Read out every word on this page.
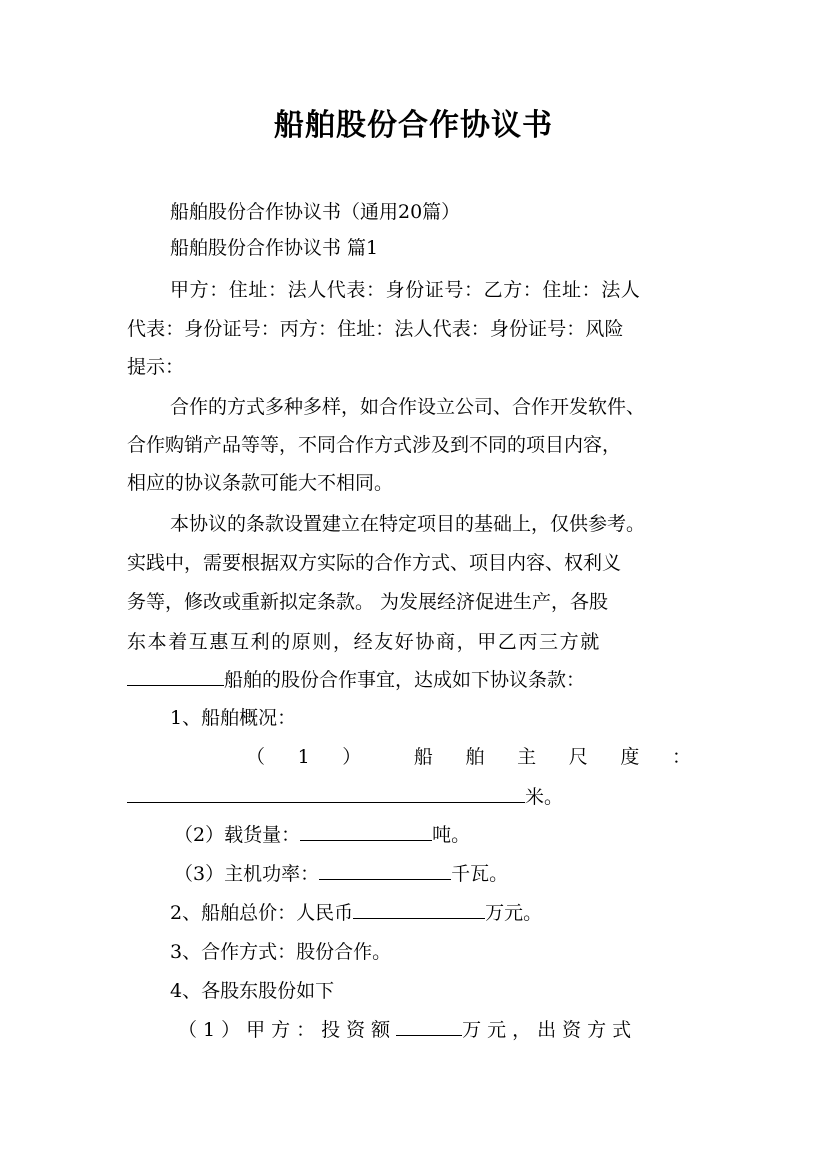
船舶股份合作协议书
船舶股份合作协议书（通用20篇）
船舶股份合作协议书 篇1
甲方：住址：法人代表：身份证号：乙方：住址：法人
代表：身份证号：丙方：住址：法人代表：身份证号：风险
提示：
合作的方式多种多样，如合作设立公司、合作开发软件、
合作购销产品等等，不同合作方式涉及到不同的项目内容，
相应的协议条款可能大不相同。
本协议的条款设置建立在特定项目的基础上，仅供参考。
实践中，需要根据双方实际的合作方式、项目内容、权利义
务等，修改或重新拟定条款。 为发展经济促进生产，各股
东本着互惠互利的原则，经友好协商，甲乙丙三方就
船舶的股份合作事宜，达成如下协议条款：
1、船舶概况：
（ 1 ）	船 舶 主 尺 度 ：
米。
（2）载货量：	吨。
（3）主机功率：	千瓦。
2、船舶总价：人民币	万元。
3、合作方式：股份合作。
4、各股东股份如下
（1）甲方：投资额	万元，出资方式
